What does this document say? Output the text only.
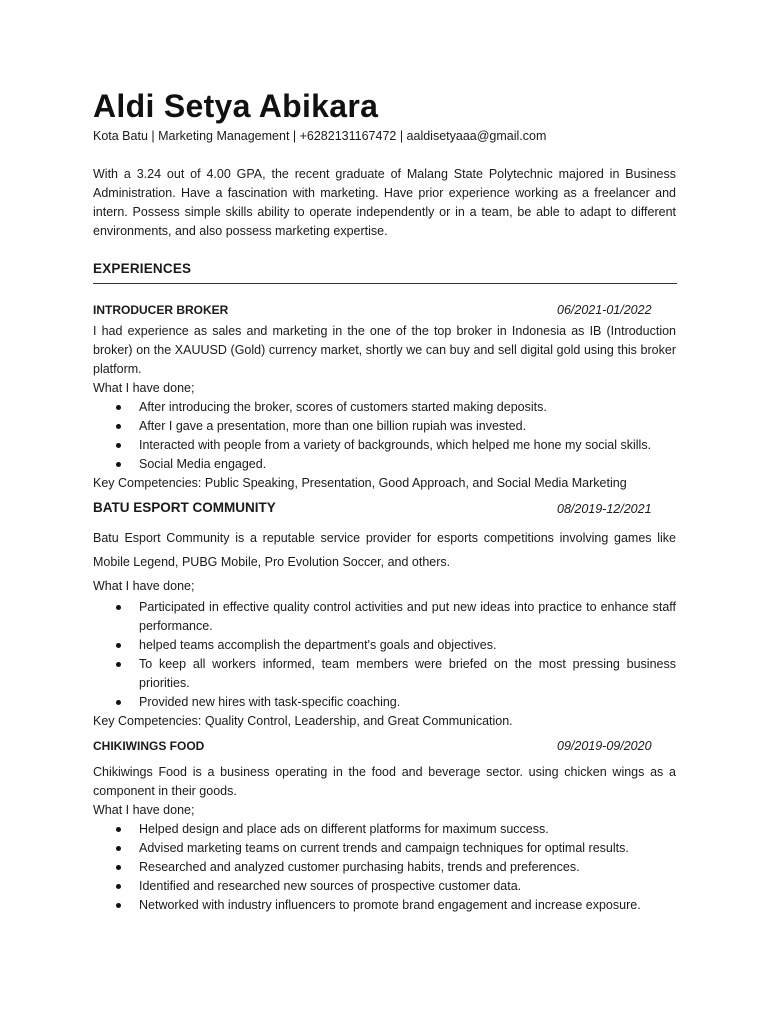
Aldi Setya Abikara
Kota Batu | Marketing Management | +6282131167472 | aaldisetyaaa@gmail.com
With a 3.24 out of 4.00 GPA, the recent graduate of Malang State Polytechnic majored in Business Administration. Have a fascination with marketing. Have prior experience working as a freelancer and intern. Possess simple skills ability to operate independently or in a team, be able to adapt to different environments, and also possess marketing expertise.
EXPERIENCES
INTRODUCER BROKER	06/2021-01/2022
I had experience as sales and marketing in the one of the top broker in Indonesia as IB (Introduction broker) on the XAUUSD (Gold) currency market, shortly we can buy and sell digital gold using this broker platform.
What I have done;
After introducing the broker, scores of customers started making deposits.
After I gave a presentation, more than one billion rupiah was invested.
Interacted with people from a variety of backgrounds, which helped me hone my social skills.
Social Media engaged.
Key Competencies: Public Speaking, Presentation, Good Approach, and Social Media Marketing
BATU ESPORT COMMUNITY	08/2019-12/2021
Batu Esport Community is a reputable service provider for esports competitions involving games like Mobile Legend, PUBG Mobile, Pro Evolution Soccer, and others.
What I have done;
Participated in effective quality control activities and put new ideas into practice to enhance staff performance.
helped teams accomplish the department's goals and objectives.
To keep all workers informed, team members were briefed on the most pressing business priorities.
Provided new hires with task-specific coaching.
Key Competencies: Quality Control, Leadership, and Great Communication.
CHIKIWINGS FOOD	09/2019-09/2020
Chikiwings Food is a business operating in the food and beverage sector. using chicken wings as a component in their goods.
What I have done;
Helped design and place ads on different platforms for maximum success.
Advised marketing teams on current trends and campaign techniques for optimal results.
Researched and analyzed customer purchasing habits, trends and preferences.
Identified and researched new sources of prospective customer data.
Networked with industry influencers to promote brand engagement and increase exposure.
